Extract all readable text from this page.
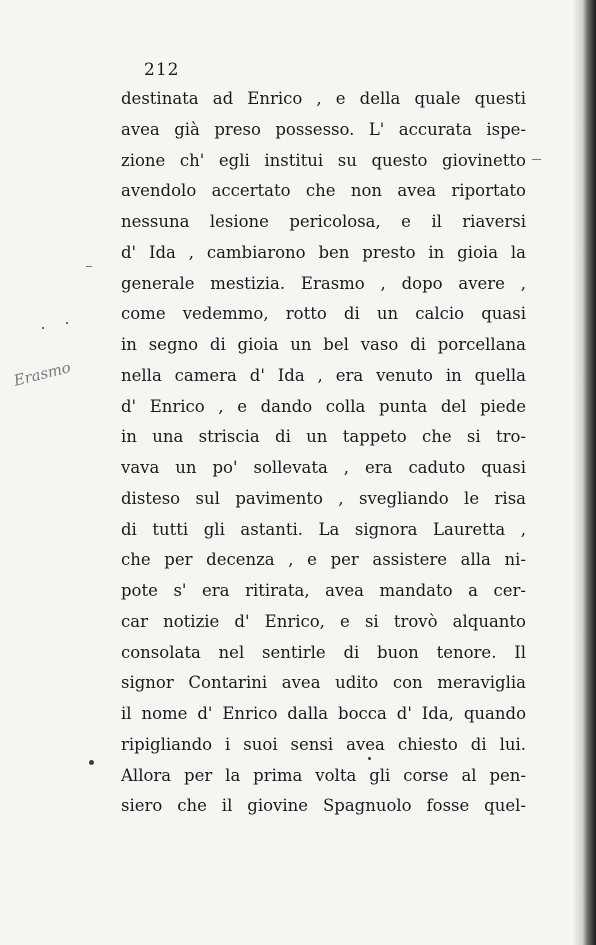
212
Erasmo
destinata ad Enrico , e della quale questi
avea già preso possesso. L' accurata ispe-
zione ch' egli institui su questo giovinetto
avendolo accertato che non avea riportato
nessuna lesione pericolosa, e il riaversi
d' Ida , cambiarono ben presto in gioia la
generale mestizia. Erasmo , dopo avere ,
come vedemmo, rotto di un calcio quasi
in segno di gioia un bel vaso di porcellana
nella camera d' Ida , era venuto in quella
d' Enrico , e dando colla punta del piede
in una striscia di un tappeto che si tro-
vava un po' sollevata , era caduto quasi
disteso sul pavimento , svegliando le risa
di tutti gli astanti. La signora Lauretta ,
che per decenza , e per assistere alla ni-
pote s' era ritirata, avea mandato a cer-
car notizie d' Enrico, e si trovò alquanto
consolata nel sentirle di buon tenore. Il
signor Contarini avea udito con meraviglia
il nome d' Enrico dalla bocca d' Ida, quando
ripigliando i suoi sensi avea chiesto di lui.
Allora per la prima volta gli corse al pen-
siero che il giovine Spagnuolo fosse quel-
